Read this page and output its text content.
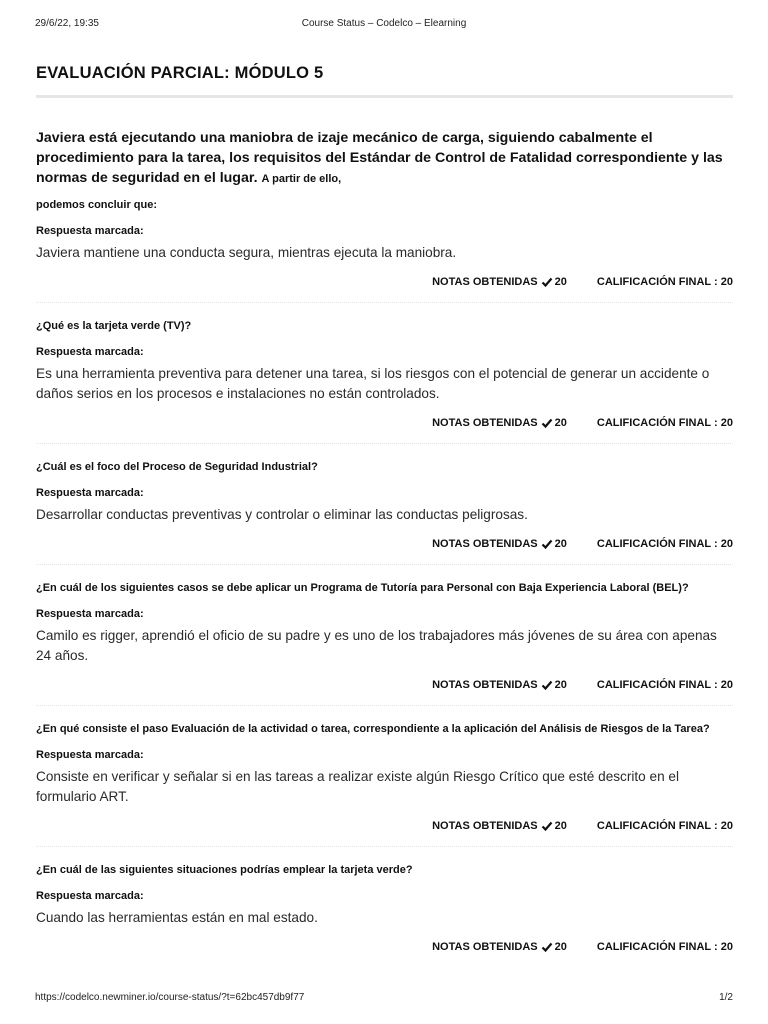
29/6/22, 19:35	Course Status – Codelco – Elearning
EVALUACIÓN PARCIAL: MÓDULO 5
Javiera está ejecutando una maniobra de izaje mecánico de carga, siguiendo cabalmente el procedimiento para la tarea, los requisitos del Estándar de Control de Fatalidad correspondiente y las normas de seguridad en el lugar. A partir de ello,
podemos concluir que:
Respuesta marcada:
Javiera mantiene una conducta segura, mientras ejecuta la maniobra.
NOTAS OBTENIDAS 20	CALIFICACIÓN FINAL : 20
¿Qué es la tarjeta verde (TV)?
Respuesta marcada:
Es una herramienta preventiva para detener una tarea, si los riesgos con el potencial de generar un accidente o daños serios en los procesos e instalaciones no están controlados.
NOTAS OBTENIDAS 20	CALIFICACIÓN FINAL : 20
¿Cuál es el foco del Proceso de Seguridad Industrial?
Respuesta marcada:
Desarrollar conductas preventivas y controlar o eliminar las conductas peligrosas.
NOTAS OBTENIDAS 20	CALIFICACIÓN FINAL : 20
¿En cuál de los siguientes casos se debe aplicar un Programa de Tutoría para Personal con Baja Experiencia Laboral (BEL)?
Respuesta marcada:
Camilo es rigger, aprendió el oficio de su padre y es uno de los trabajadores más jóvenes de su área con apenas 24 años.
NOTAS OBTENIDAS 20	CALIFICACIÓN FINAL : 20
¿En qué consiste el paso Evaluación de la actividad o tarea, correspondiente a la aplicación del Análisis de Riesgos de la Tarea?
Respuesta marcada:
Consiste en verificar y señalar si en las tareas a realizar existe algún Riesgo Crítico que esté descrito en el formulario ART.
NOTAS OBTENIDAS 20	CALIFICACIÓN FINAL : 20
¿En cuál de las siguientes situaciones podrías emplear la tarjeta verde?
Respuesta marcada:
Cuando las herramientas están en mal estado.
NOTAS OBTENIDAS 20	CALIFICACIÓN FINAL : 20
https://codelco.newminer.io/course-status/?t=62bc457db9f77	1/2
